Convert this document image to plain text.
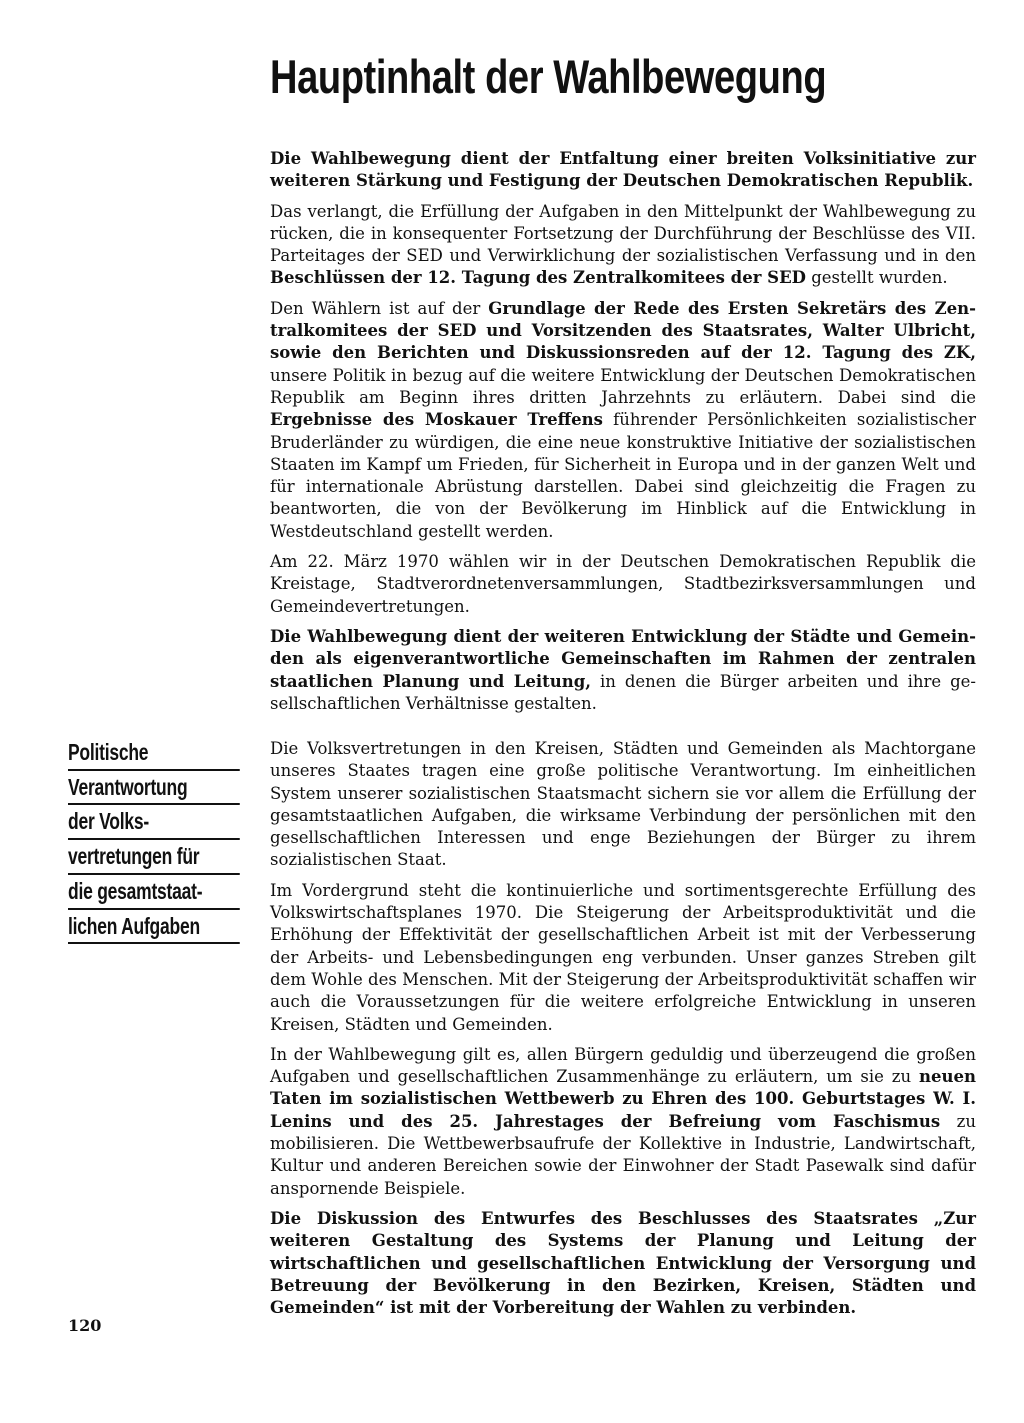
Hauptinhalt der Wahlbewegung

Die Wahlbewegung dient der Entfaltung einer breiten Volksinitiative zur weiteren Stärkung und Festigung der Deutschen Demokratischen Republik.

Das verlangt, die Erfüllung der Aufgaben in den Mittelpunkt der Wahlbewegung zu rücken, die in konsequenter Fortsetzung der Durchführung der Beschlüsse des VII. Parteitages der SED und Verwirklichung der sozialistischen Verfassung und in den Beschlüssen der 12. Tagung des Zentralkomitees der SED gestellt wurden.

Den Wählern ist auf der Grundlage der Rede des Ersten Sekretärs des Zentralkomitees der SED und Vorsitzenden des Staatsrates, Walter Ulbricht, sowie den Berichten und Diskussionsreden auf der 12. Tagung des ZK, unsere Politik in bezug auf die weitere Entwicklung der Deutschen Demokratischen Republik am Beginn ihres dritten Jahrzehnts zu erläutern. Dabei sind die Ergebnisse des Moskauer Treffens führender Persönlichkeiten sozialistischer Bruderländer zu würdigen, die eine neue konstruktive Initiative der sozialistischen Staaten im Kampf um Frieden, für Sicherheit in Europa und in der ganzen Welt und für internationale Abrüstung darstellen. Dabei sind gleichzeitig die Fragen zu beantworten, die von der Bevölkerung im Hinblick auf die Entwicklung in Westdeutschland gestellt werden.

Am 22. März 1970 wählen wir in der Deutschen Demokratischen Republik die Kreistage, Stadtverordnetenversammlungen, Stadtbezirksversammlungen und Gemeindevertretungen.

Die Wahlbewegung dient der weiteren Entwicklung der Städte und Gemeinden als eigenverantwortliche Gemeinschaften im Rahmen der zentralen staatlichen Planung und Leitung, in denen die Bürger arbeiten und ihre gesellschaftlichen Verhältnisse gestalten.

Politische
Verantwortung
der Volks-
vertretungen für
die gesamtstaat-
lichen Aufgaben

Die Volksvertretungen in den Kreisen, Städten und Gemeinden als Machtorgane unseres Staates tragen eine große politische Verantwortung. Im einheitlichen System unserer sozialistischen Staatsmacht sichern sie vor allem die Erfüllung der gesamtstaatlichen Aufgaben, die wirksame Verbindung der persönlichen mit den gesellschaftlichen Interessen und enge Beziehungen der Bürger zu ihrem sozialistischen Staat.

Im Vordergrund steht die kontinuierliche und sortimentsgerechte Erfüllung des Volkswirtschaftsplanes 1970. Die Steigerung der Arbeitsproduktivität und die Erhöhung der Effektivität der gesellschaftlichen Arbeit ist mit der Verbesserung der Arbeits- und Lebensbedingungen eng verbunden. Unser ganzes Streben gilt dem Wohle des Menschen. Mit der Steigerung der Arbeitsproduktivität schaffen wir auch die Voraussetzungen für die weitere erfolgreiche Entwicklung in unseren Kreisen, Städten und Gemeinden.

In der Wahlbewegung gilt es, allen Bürgern geduldig und überzeugend die großen Aufgaben und gesellschaftlichen Zusammenhänge zu erläutern, um sie zu neuen Taten im sozialistischen Wettbewerb zu Ehren des 100. Geburtstages W. I. Lenins und des 25. Jahrestages der Befreiung vom Faschismus zu mobilisieren. Die Wettbewerbsaufrufe der Kollektive in Industrie, Landwirtschaft, Kultur und anderen Bereichen sowie der Einwohner der Stadt Pasewalk sind dafür anspornende Beispiele.

Die Diskussion des Entwurfes des Beschlusses des Staatsrates „Zur weiteren Gestaltung des Systems der Planung und Leitung der wirtschaftlichen und gesellschaftlichen Entwicklung der Versorgung und Betreuung der Bevölkerung in den Bezirken, Kreisen, Städten und Gemeinden“ ist mit der Vorbereitung der Wahlen zu verbinden.

120
